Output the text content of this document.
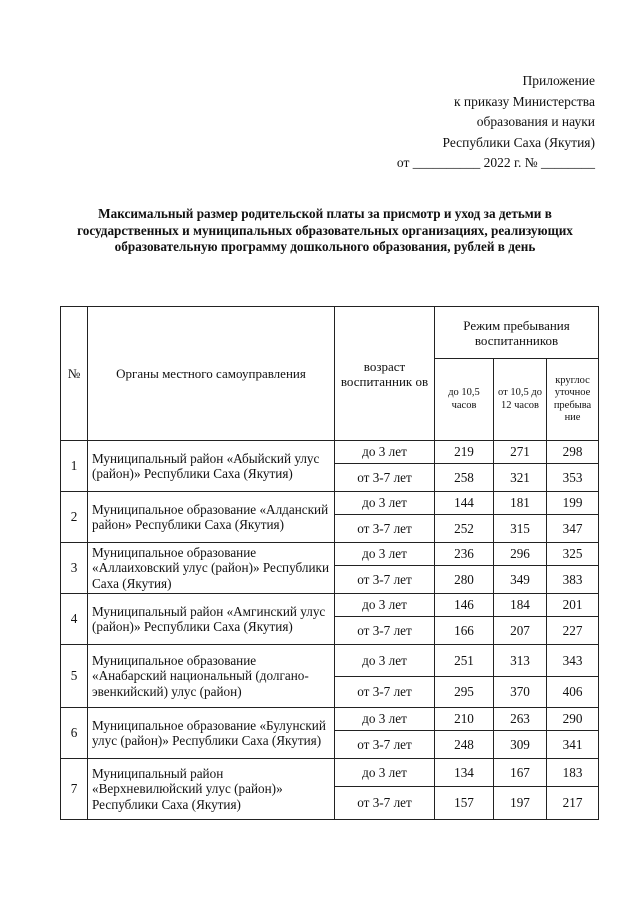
Приложение
к приказу Министерства
образования и науки
Республики Саха (Якутия)
от __________ 2022 г. № ________
Максимальный размер родительской платы за присмотр и уход за детьми в государственных и муниципальных образовательных организациях, реализующих образовательную программу дошкольного образования, рублей в день
№	Органы местного самоуправления	возраст воспитанник ов	Режим пребывания воспитанников		
			до 10,5 часов	от 10,5 до 12 часов	круглос уточное пребыва ние
1	Муниципальный район «Абыйский улус (район)» Республики Саха (Якутия)	до 3 лет	219	271	298
		от 3-7 лет	258	321	353
2	Муниципальное образование «Алданский район» Республики Саха (Якутия)	до 3 лет	144	181	199
		от 3-7 лет	252	315	347
3	Муниципальное образование «Аллаиховский улус (район)» Республики Саха (Якутия)	до 3 лет	236	296	325
		от 3-7 лет	280	349	383
4	Муниципальный район «Амгинский улус (район)» Республики Саха (Якутия)	до 3 лет	146	184	201
		от 3-7 лет	166	207	227
5	Муниципальное образование «Анабарский национальный (долгано-эвенкийский) улус (район)	до 3 лет	251	313	343
		от 3-7 лет	295	370	406
6	Муниципальное образование «Булунский улус (район)» Республики Саха (Якутия)	до 3 лет	210	263	290
		от 3-7 лет	248	309	341
7	Муниципальный район «Верхневилюйский улус (район)» Республики Саха (Якутия)	до 3 лет	134	167	183
		от 3-7 лет	157	197	217
